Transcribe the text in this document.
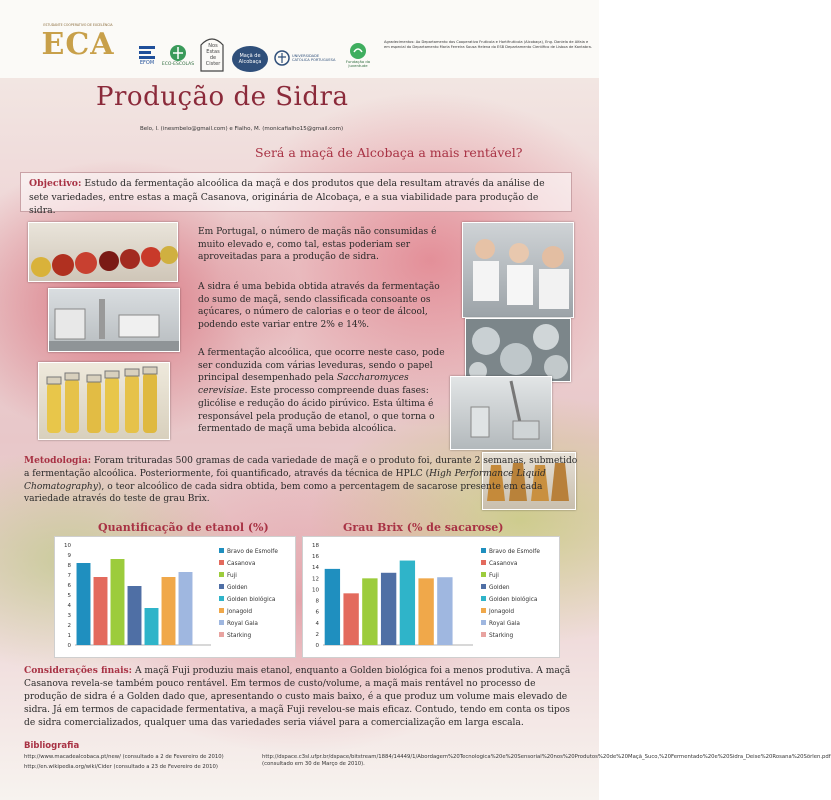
ESTUDANTE COOPERATIVO DE EXCELÊNCIA
ECA
EFOM ECO-ESCOLAS
Nos Estas de Cister
Maçã de Alcobaça
UNIVERSIDADE CATÓLICA PORTUGUESA	Fundação da Juventude
Agradecimentos: Ao Departamento dos Cooperativa Frutícola e Hortifrutícola (Alcobaça), Eng. Daniela de Alfaia e em especial do Departamento Maria Ferreira Sousa Helena do ESB Departamento Científico de Lisboa de Kantabra.
Produção de Sidra
Belo, I. (inesmbelo@gmail.com) e Fialho, M. (monicafialho15@gmail.com)
Será a maçã de Alcobaça a mais rentável?
Objectivo: Estudo da fermentação alcoólica da maçã e dos produtos que dela resultam através da análise de sete variedades, entre estas a maçã Casanova, originária de Alcobaça, e a sua viabilidade para produção de sidra.

Em Portugal, o número de maçãs não consumidas é muito elevado e, como tal, estas poderiam ser aproveitadas para a produção de sidra.

A sidra é uma bebida obtida através da fermentação do sumo de maçã, sendo classificada consoante os açúcares, o número de calorias e o teor de álcool, podendo este variar entre 2% e 14%.

A fermentação alcoólica, que ocorre neste caso, pode ser conduzida com várias leveduras, sendo o papel principal desempenhado pela Saccharomyces cerevisiae. Este processo compreende duas fases: glicólise e redução do ácido pirúvico. Esta última é responsável pela produção de etanol, o que torna o fermentado de maçã uma bebida alcoólica.

Metodologia: Foram trituradas 500 gramas de cada variedade de maçã e o produto foi, durante 2 semanas, submetido a fermentação alcoólica. Posteriormente, foi quantificado, através da técnica de HPLC (High Performance Liquid Chomatography), o teor alcoólico de cada sidra obtida, bem como a percentagem de sacarose presente em cada variedade através do teste de grau Brix.
Quantificação de etanol (%)
0
1
2
3
4
5
6
7
8
9
10
Bravo de Esmolfe
Casanova
Fuji
Golden
Golden biológica
Jonagold
Royal Gala
Starking
Grau Brix (% de sacarose)
0
2
4
6
8
10
12
14
16
18
Bravo de Esmolfe
Casanova
Fuji
Golden
Golden biológica
Jonagold
Royal Gala
Starking
Considerações finais: A maçã Fuji produziu mais etanol, enquanto a Golden biológica foi a menos produtiva. A maçã Casanova revela-se também pouco rentável. Em termos de custo/volume, a maçã mais rentável no processo de produção de sidra é a Golden dado que, apresentando o custo mais baixo, é a que produz um volume mais elevado de sidra. Já em termos de capacidade fermentativa, a maçã Fuji revelou-se mais eficaz. Contudo, tendo em conta os tipos de sidra comercializados, qualquer uma das variedades seria viável para a comercialização em larga escala.
Bibliografia
http://www.macadealcobaca.pt/new/ (consultado a 2 de Fevereiro de 2010)
http://en.wikipedia.org/wiki/Cider (consultado a 23 de Fevereiro de 2010)
http://dspace.c3sl.ufpr.br/dspace/bitstream/1884/14449/1/Abordagem%20Tecnologica%20e%20Sensorial%20nos%20Produtos%20de%20Maçã_Suco,%20Fermentado%20e%20Sidra_Deise%20Rosana%20Sörlen.pdf (consultado em 30 de Março de 2010).
